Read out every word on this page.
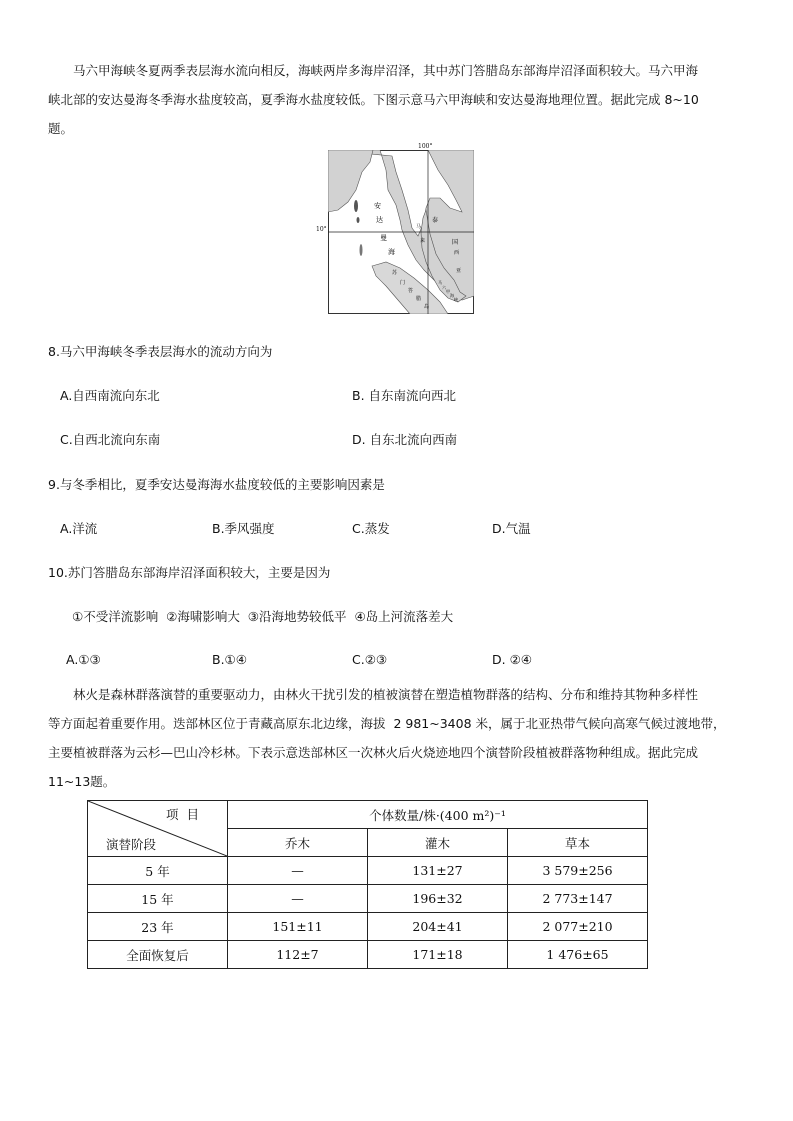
马六甲海峡冬夏两季表层海水流向相反，海峡两岸多海岸沼泽，其中苏门答腊岛东部海岸沼泽面积较大。马六甲海
峡北部的安达曼海冬季海水盐度较高，夏季海水盐度较低。下图示意马六甲海峡和安达曼海地理位置。据此完成 8~10
题。
安
达
曼
海
泰
国
马
来
西
亚
苏
门
答
腊
岛
马
六
甲
海
峡
100°
10°
8.马六甲海峡冬季表层海水的流动方向为
A.自西南流向东北	B. 自东南流向西北
C.自西北流向东南	D. 自东北流向西南
9.与冬季相比，夏季安达曼海海水盐度较低的主要影响因素是
A.洋流	B.季风强度	C.蒸发	D.气温
10.苏门答腊岛东部海岸沼泽面积较大，主要是因为
①不受洋流影响  ②海啸影响大  ③沿海地势较低平  ④岛上河流落差大
A.①③	B.①④	C.②③	D. ②④
林火是森林群落演替的重要驱动力，由林火干扰引发的植被演替在塑造植物群落的结构、分布和维持其物种多样性
等方面起着重要作用。迭部林区位于青藏高原东北边缘，海拔  2 981~3408 米，属于北亚热带气候向高寒气候过渡地带，
主要植被群落为云杉—巴山冷杉林。下表示意迭部林区一次林火后火烧迹地四个演替阶段植被群落物种组成。据此完成
11~13题。
项  目
演替阶段	个体数量/株·(400 m²)⁻¹		
	乔木	灌木	草本
5 年	—	131±27	3 579±256
15 年	—	196±32	2 773±147
23 年	151±11	204±41	2 077±210
全面恢复后	112±7	171±18	1 476±65
